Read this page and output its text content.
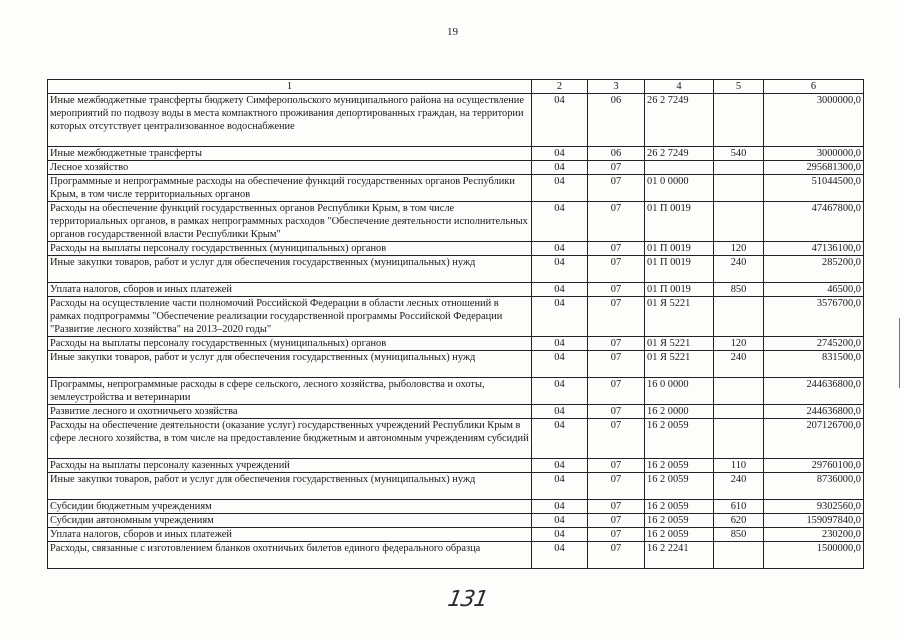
19
1	2	3	4	5	6
Иные межбюджетные трансферты бюджету Симферопольского муниципального района на осуществление мероприятий по подвозу воды в места компактного проживания депортированных граждан, на территории которых отсутствует централизованное водоснабжение	04	06	26 2 7249		3000000,0
Иные межбюджетные трансферты	04	06	26 2 7249	540	3000000,0
Лесное хозяйство	04	07			295681300,0
Программные и непрограммные расходы на обеспечение функций государственных органов Республики Крым, в том числе территориальных органов	04	07	01 0 0000		51044500,0
Расходы на обеспечение функций государственных органов Республики Крым, в том числе территориальных органов, в рамках непрограммных расходов "Обеспечение деятельности исполнительных органов государственной власти Республики Крым"	04	07	01 П 0019		47467800,0
Расходы на выплаты персоналу государственных (муниципальных) органов	04	07	01 П 0019	120	47136100,0
Иные закупки товаров, работ и услуг для обеспечения государственных (муниципальных) нужд	04	07	01 П 0019	240	285200,0
Уплата налогов, сборов и иных платежей	04	07	01 П 0019	850	46500,0
Расходы на осуществление части полномочий Российской Федерации в области лесных отношений в рамках подпрограммы "Обеспечение реализации государственной программы Российской Федерации "Развитие лесного хозяйства" на 2013–2020 годы"	04	07	01 Я 5221		3576700,0
Расходы на выплаты персоналу государственных (муниципальных) органов	04	07	01 Я 5221	120	2745200,0
Иные закупки товаров, работ и услуг для обеспечения государственных (муниципальных) нужд	04	07	01 Я 5221	240	831500,0
Программы, непрограммные расходы в сфере сельского, лесного хозяйства, рыболовства и охоты, землеустройства и ветеринарии	04	07	16 0 0000		244636800,0
Развитие лесного и охотничьего хозяйства	04	07	16 2 0000		244636800,0
Расходы на обеспечение деятельности (оказание услуг) государственных учреждений Республики Крым в сфере лесного хозяйства, в том числе на предоставление бюджетным и автономным учреждениям субсидий	04	07	16 2 0059		207126700,0
Расходы на выплаты персоналу казенных учреждений	04	07	16 2 0059	110	29760100,0
Иные закупки товаров, работ и услуг для обеспечения государственных (муниципальных) нужд	04	07	16 2 0059	240	8736000,0
Субсидии бюджетным учреждениям	04	07	16 2 0059	610	9302560,0
Субсидии автономным учреждениям	04	07	16 2 0059	620	159097840,0
Уплата налогов, сборов и иных платежей	04	07	16 2 0059	850	230200,0
Расходы, связанные с изготовлением бланков охотничьих билетов единого федерального образца	04	07	16 2 2241		1500000,0
131
